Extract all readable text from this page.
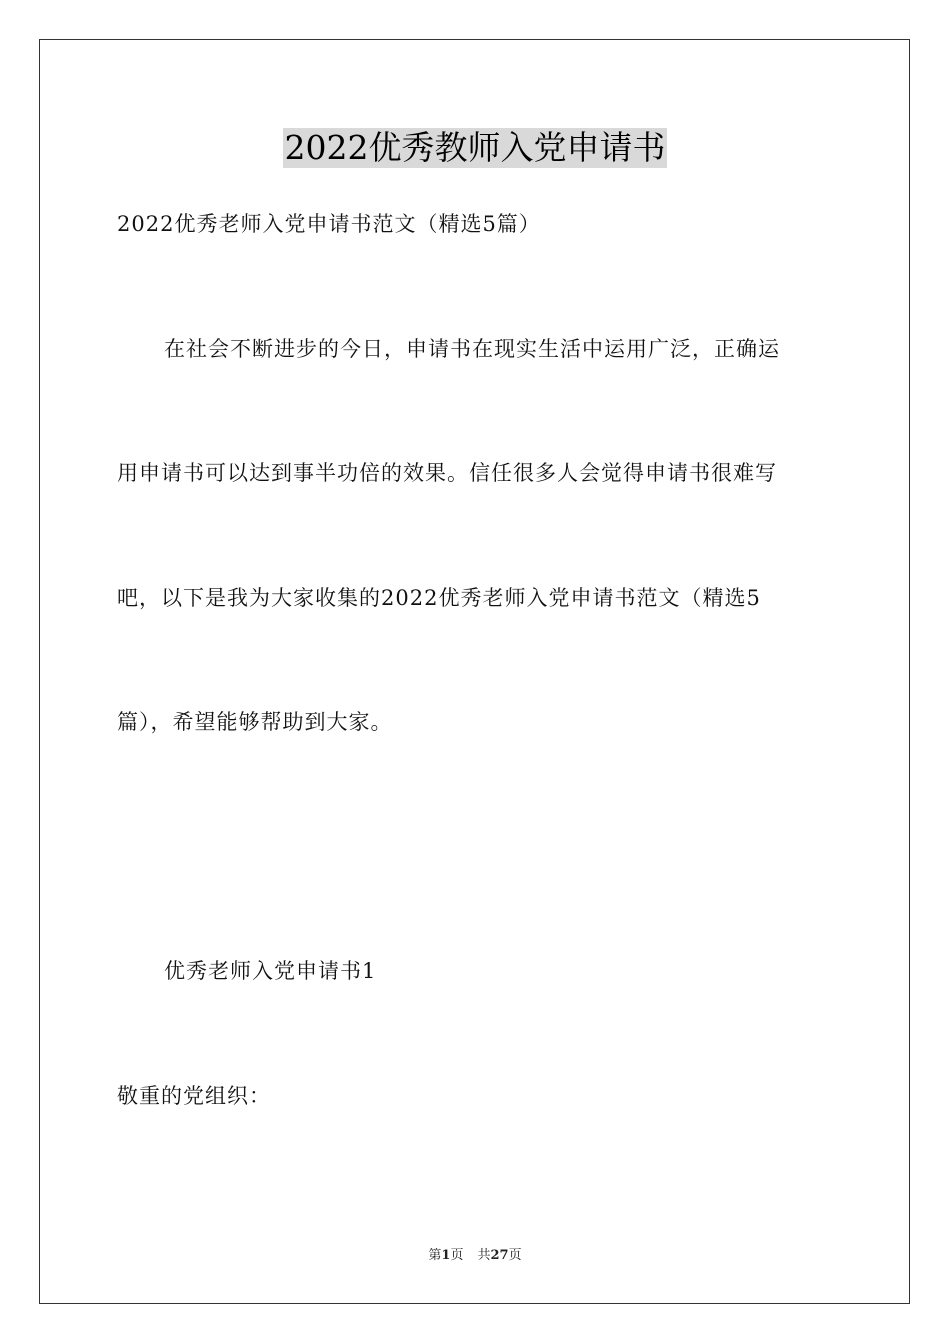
2022优秀教师入党申请书
2022优秀老师入党申请书范文（精选5篇）
在社会不断进步的今日，申请书在现实生活中运用广泛，正确运
用申请书可以达到事半功倍的效果。信任很多人会觉得申请书很难写
吧，以下是我为大家收集的2022优秀老师入党申请书范文（精选5
篇），希望能够帮助到大家。
优秀老师入党申请书1
敬重的党组织：
第1页 共27页
